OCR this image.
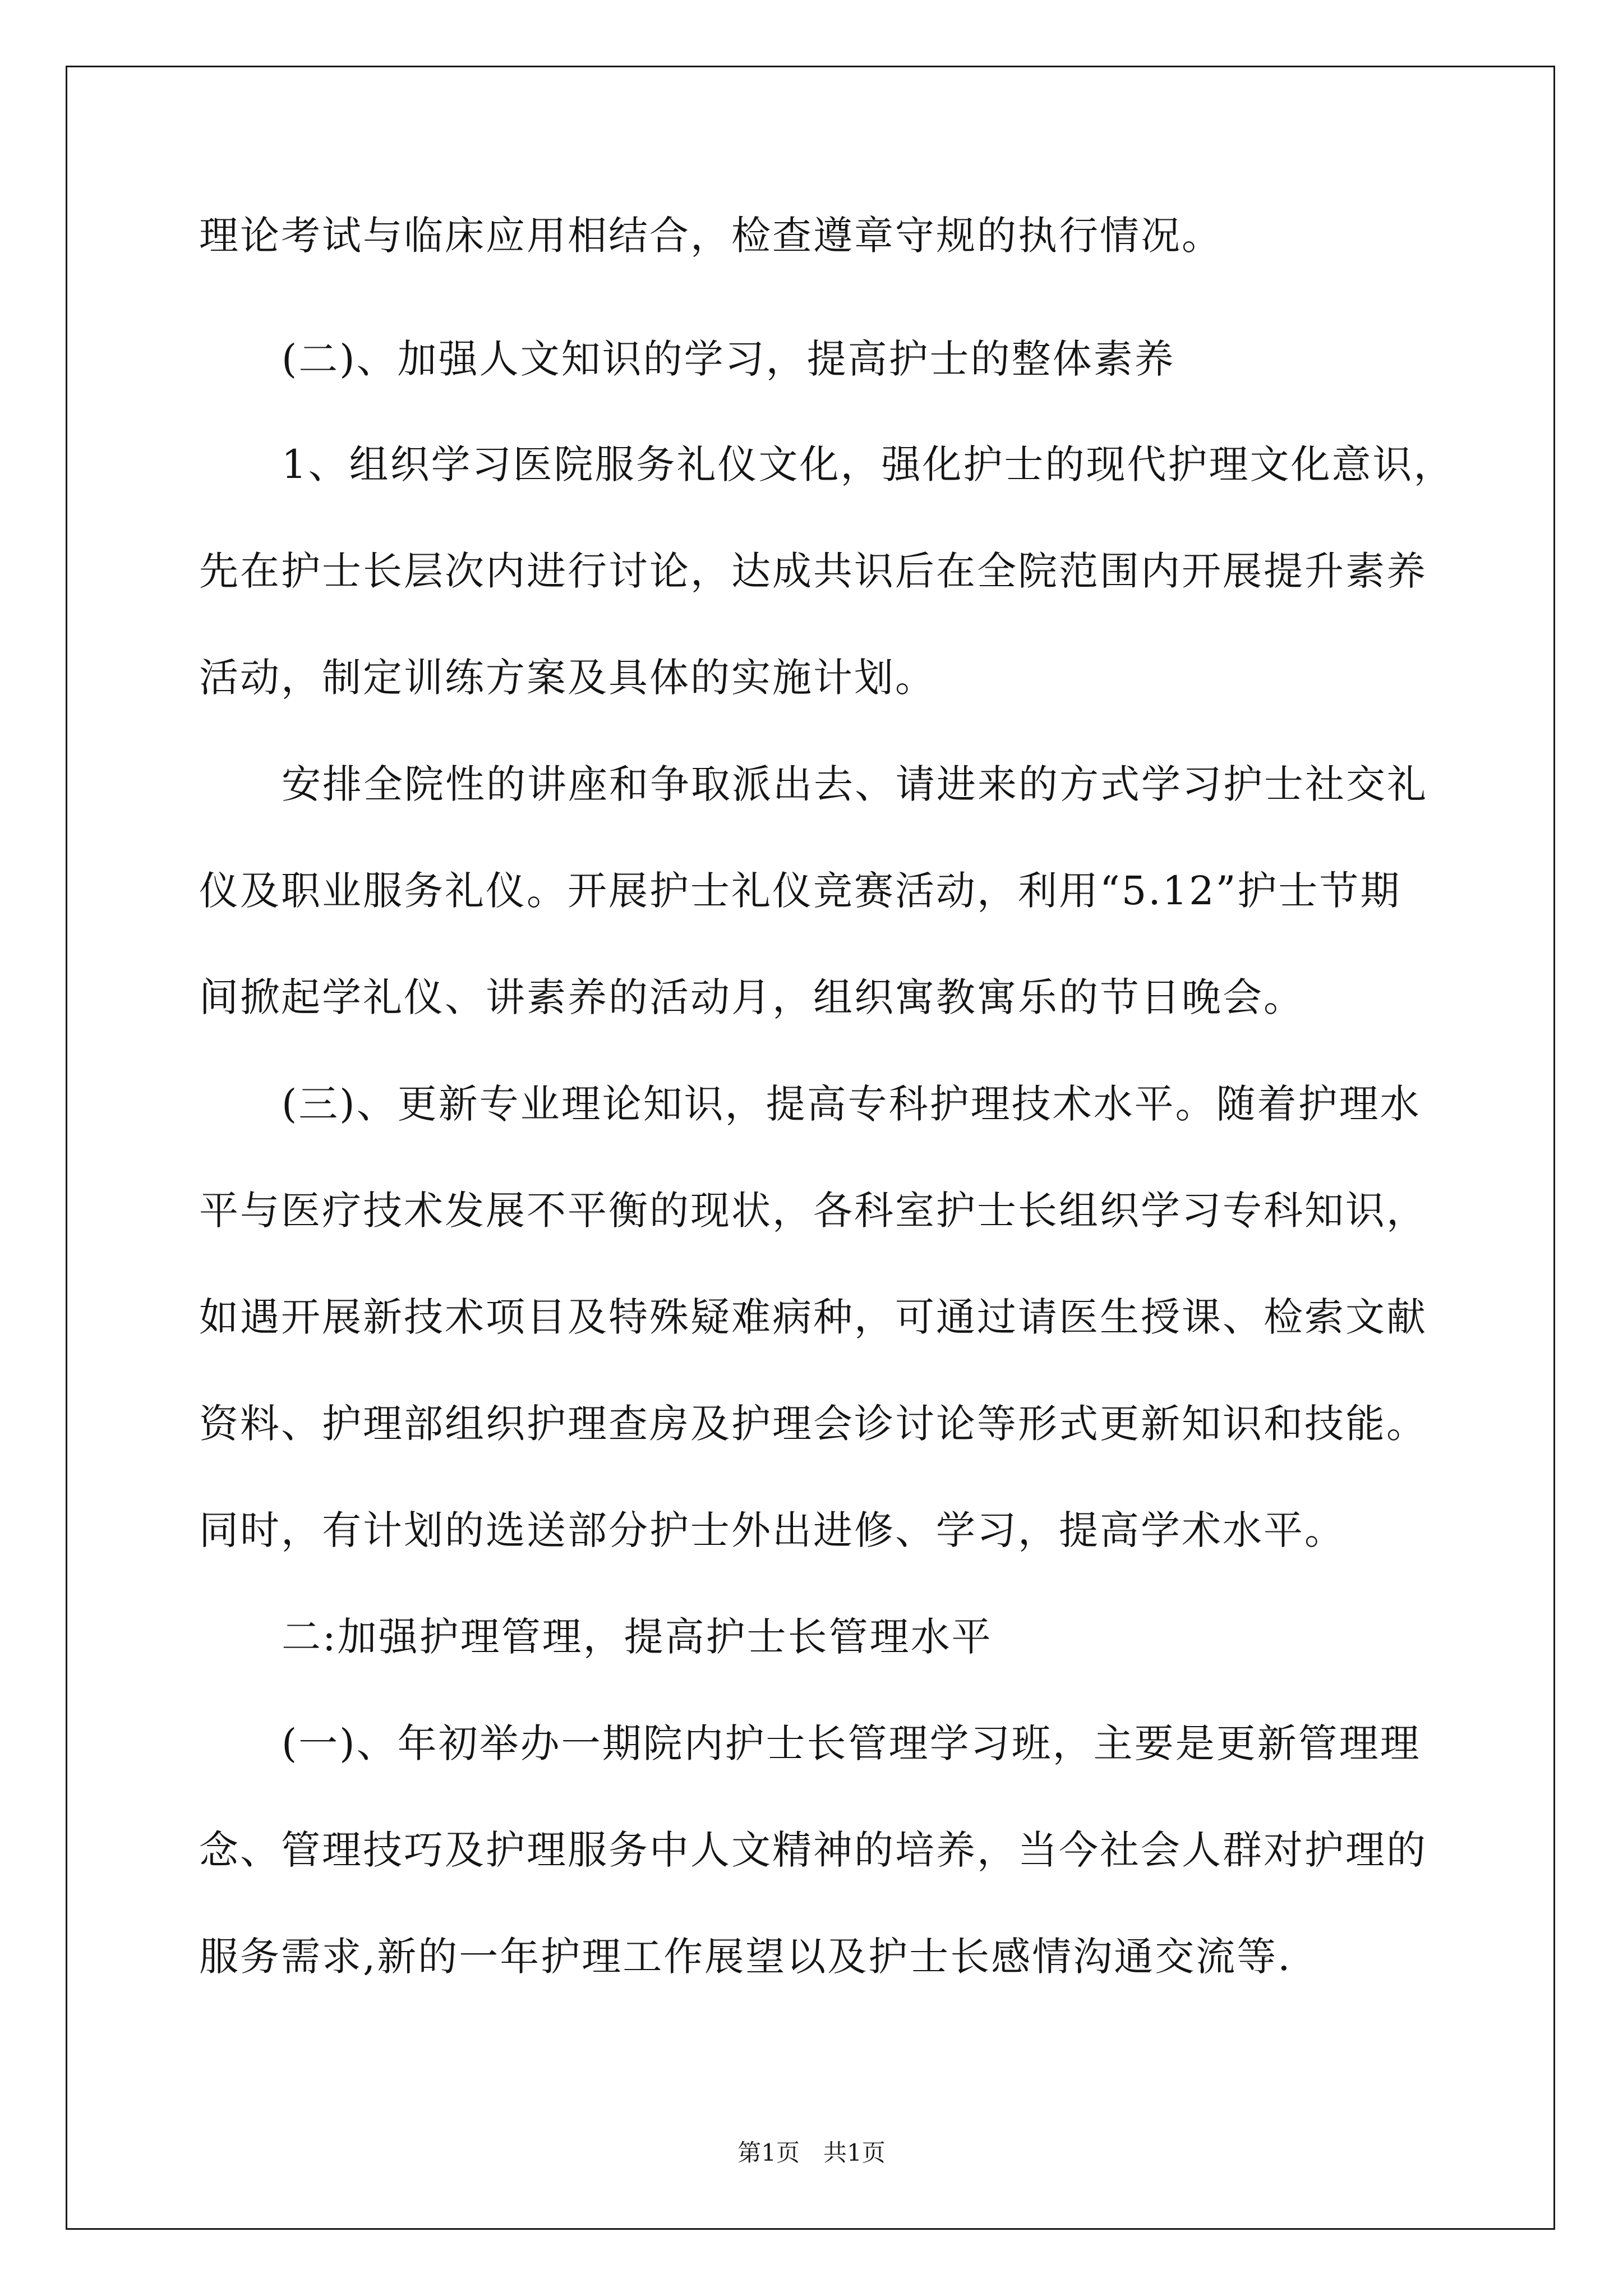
理论考试与临床应用相结合，检查遵章守规的执行情况。
(二)、加强人文知识的学习，提高护士的整体素养
1、组织学习医院服务礼仪文化，强化护士的现代护理文化意识，
先在护士长层次内进行讨论，达成共识后在全院范围内开展提升素养
活动，制定训练方案及具体的实施计划。
安排全院性的讲座和争取派出去、请进来的方式学习护士社交礼
仪及职业服务礼仪。开展护士礼仪竞赛活动，利用“5.12”护士节期
间掀起学礼仪、讲素养的活动月，组织寓教寓乐的节日晚会。
(三)、更新专业理论知识，提高专科护理技术水平。随着护理水
平与医疗技术发展不平衡的现状，各科室护士长组织学习专科知识，
如遇开展新技术项目及特殊疑难病种，可通过请医生授课、检索文献
资料、护理部组织护理查房及护理会诊讨论等形式更新知识和技能。
同时，有计划的选送部分护士外出进修、学习，提高学术水平。
二:加强护理管理，提高护士长管理水平
(一)、年初举办一期院内护士长管理学习班，主要是更新管理理
念、管理技巧及护理服务中人文精神的培养，当今社会人群对护理的
服务需求,新的一年护理工作展望以及护士长感情沟通交流等.
第1页　共1页
